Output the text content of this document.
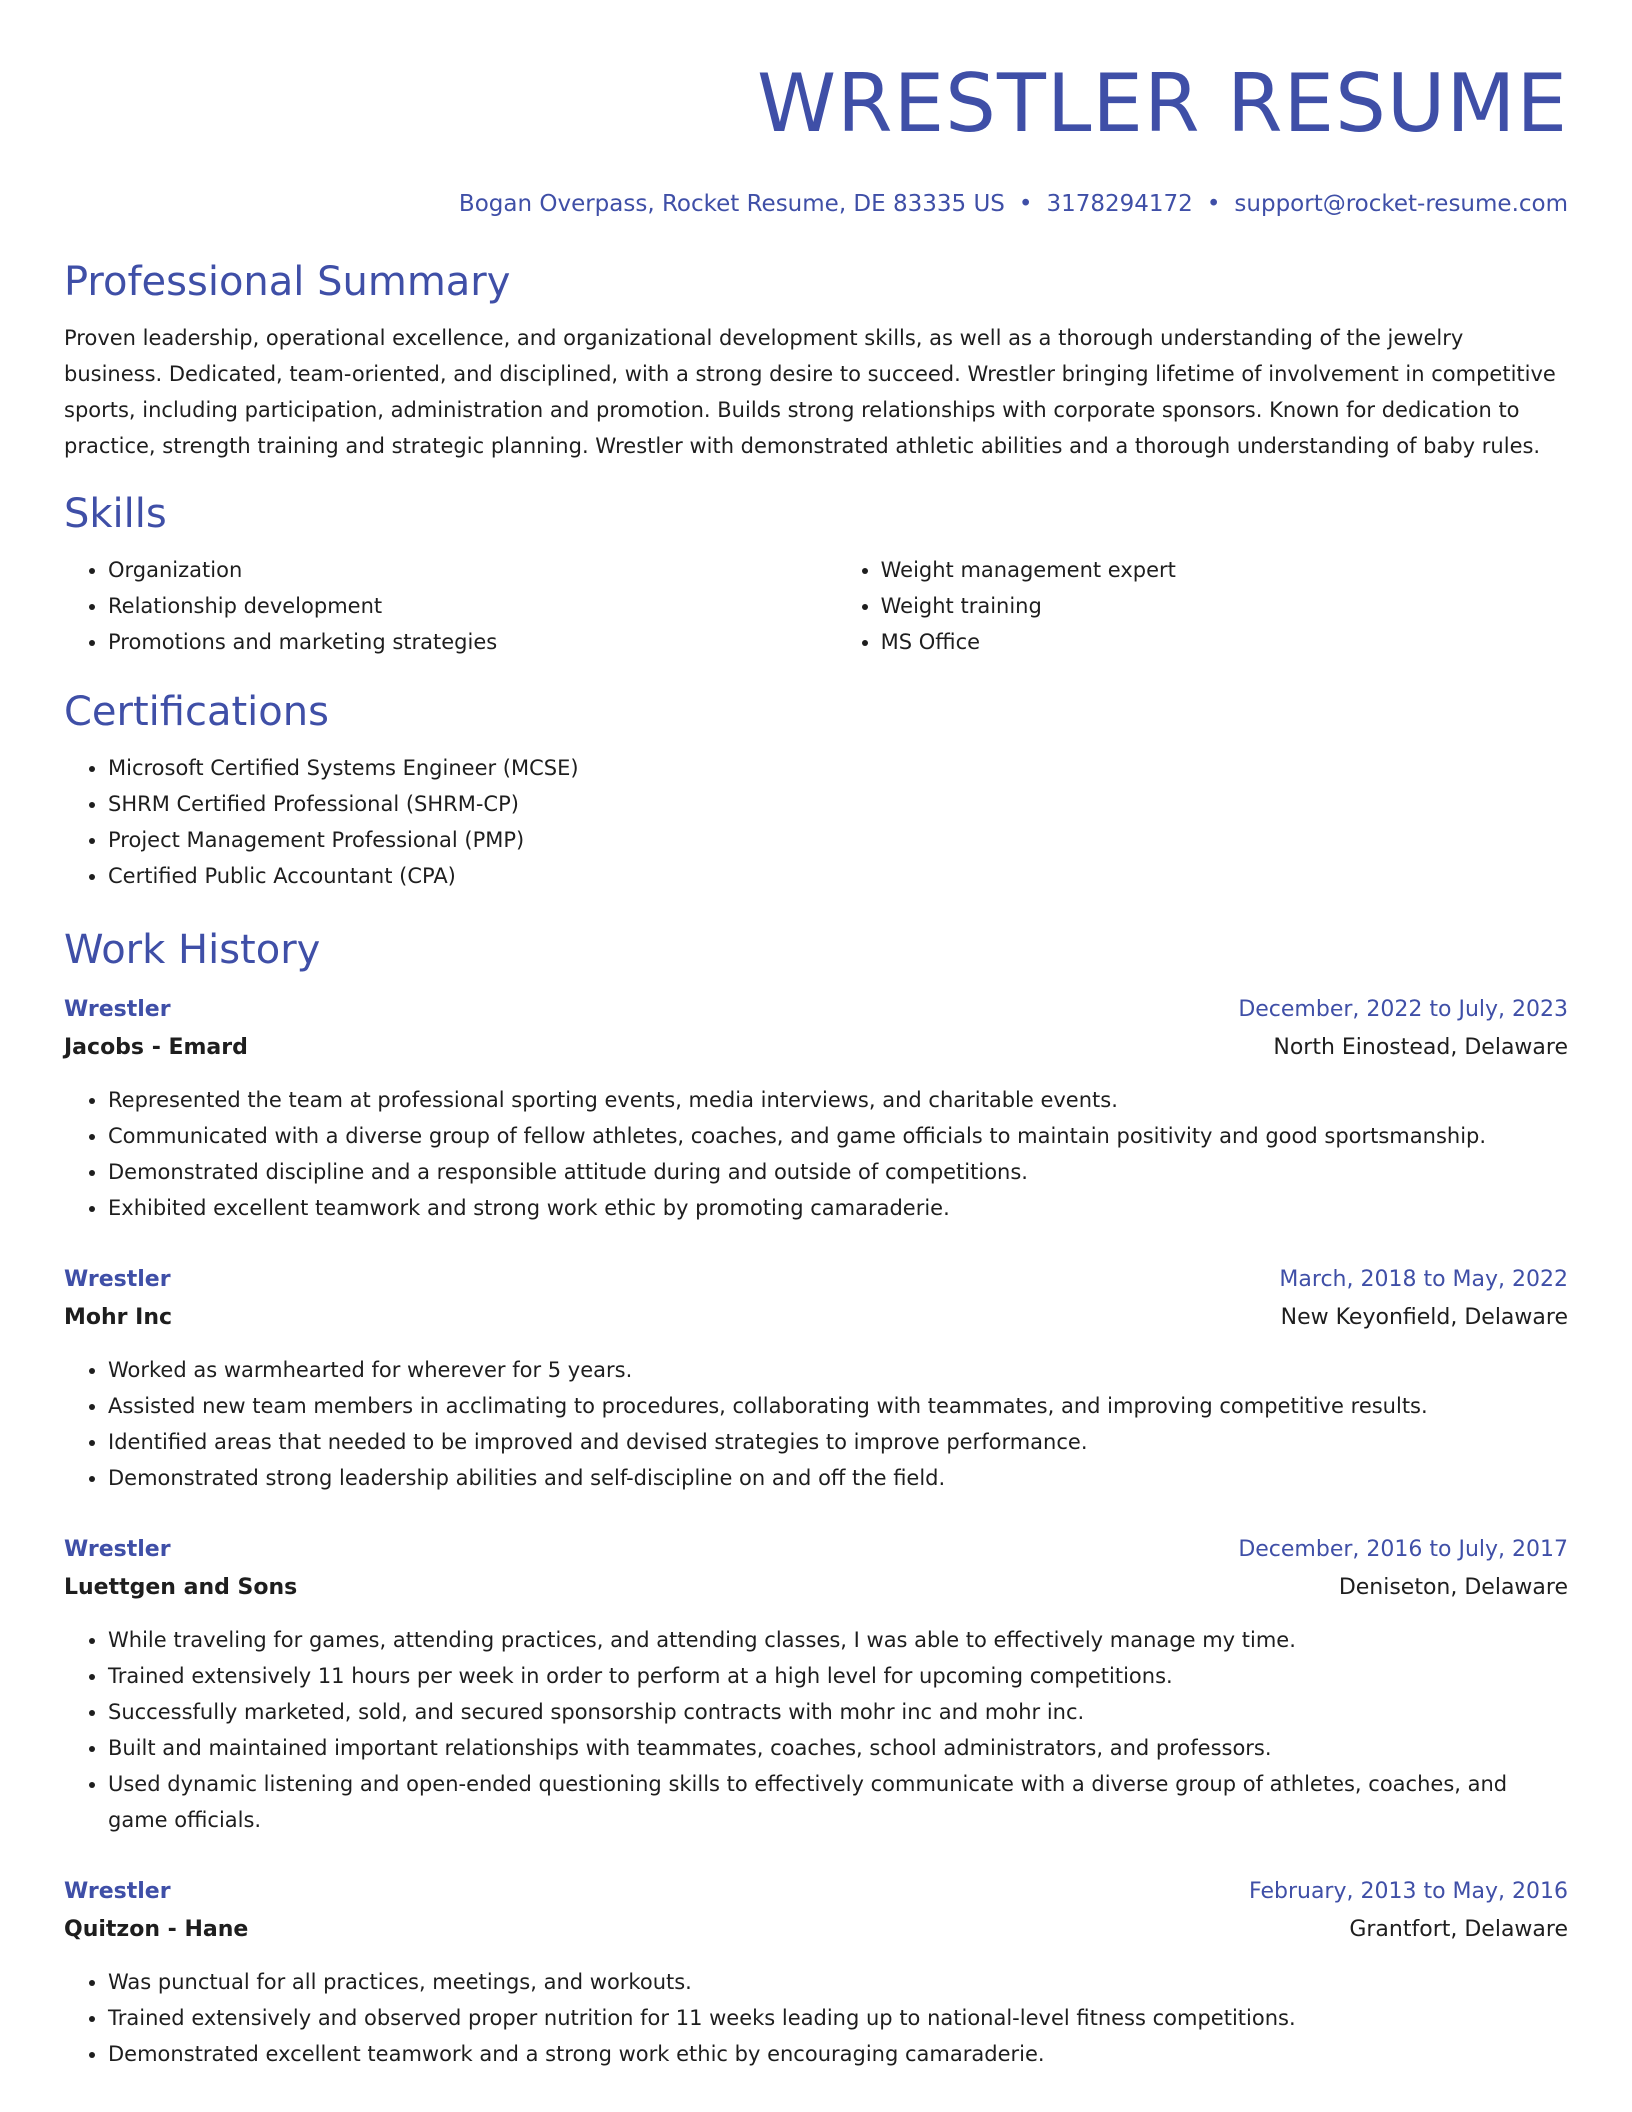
WRESTLER RESUME
Bogan Overpass, Rocket Resume, DE 83335 US • 3178294172 • support@rocket-resume.com
Professional Summary

Proven leadership, operational excellence, and organizational development skills, as well as a thorough understanding of the jewelry business. Dedicated, team-oriented, and disciplined, with a strong desire to succeed. Wrestler bringing lifetime of involvement in competitive sports, including participation, administration and promotion. Builds strong relationships with corporate sponsors. Known for dedication to practice, strength training and strategic planning. Wrestler with demonstrated athletic abilities and a thorough understanding of baby rules.

Skills
• Organization
• Relationship development
• Promotions and marketing strategies
• Weight management expert
• Weight training
• MS Office
Certifications
• Microsoft Certified Systems Engineer (MCSE)
• SHRM Certified Professional (SHRM-CP)
• Project Management Professional (PMP)
• Certified Public Accountant (CPA)
Work History
Wrestler	December, 2022 to July, 2023
Jacobs - Emard	North Einostead, Delaware
• Represented the team at professional sporting events, media interviews, and charitable events.
• Communicated with a diverse group of fellow athletes, coaches, and game officials to maintain positivity and good sportsmanship.
• Demonstrated discipline and a responsible attitude during and outside of competitions.
• Exhibited excellent teamwork and strong work ethic by promoting camaraderie.
Wrestler	March, 2018 to May, 2022
Mohr Inc	New Keyonfield, Delaware
• Worked as warmhearted for wherever for 5 years.
• Assisted new team members in acclimating to procedures, collaborating with teammates, and improving competitive results.
• Identified areas that needed to be improved and devised strategies to improve performance.
• Demonstrated strong leadership abilities and self-discipline on and off the field.
Wrestler	December, 2016 to July, 2017
Luettgen and Sons	Deniseton, Delaware
• While traveling for games, attending practices, and attending classes, I was able to effectively manage my time.
• Trained extensively 11 hours per week in order to perform at a high level for upcoming competitions.
• Successfully marketed, sold, and secured sponsorship contracts with mohr inc and mohr inc.
• Built and maintained important relationships with teammates, coaches, school administrators, and professors.
• Used dynamic listening and open-ended questioning skills to effectively communicate with a diverse group of athletes, coaches, and game officials.
Wrestler	February, 2013 to May, 2016
Quitzon - Hane	Grantfort, Delaware
• Was punctual for all practices, meetings, and workouts.
• Trained extensively and observed proper nutrition for 11 weeks leading up to national-level fitness competitions.
• Demonstrated excellent teamwork and a strong work ethic by encouraging camaraderie.
